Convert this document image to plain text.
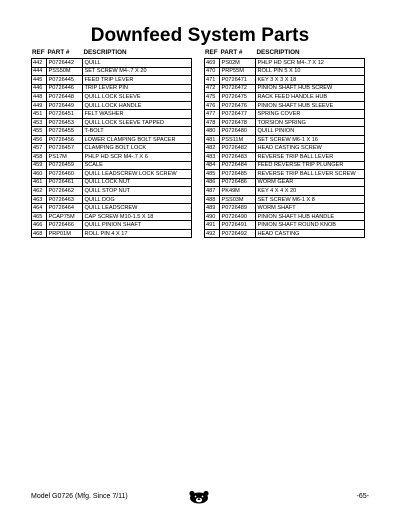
Downfeed System Parts
REF PART #	DESCRIPTION
442	P0726442	QUILL
444	PSS50M	SET SCREW M4-.7 X 20
445	P0726445	FEED TRIP LEVER
446	P0726446	TRIP LEVER PIN
448	P0726448	QUILL LOCK SLEEVE
449	P0726449	QUILL LOCK HANDLE
451	P0726451	FELT WASHER
453	P0726453	QUILL LOCK SLEEVE TAPPED
455	P0726455	T-BOLT
456	P0726456	LOWER CLAMPING BOLT SPACER
457	P0726457	CLAMPING BOLT LOCK
458	PS17M	PHLP HD SCR M4-.7 X 6
459	P0726459	SCALE
460	P0726460	QUILL LEADSCREW LOCK SCREW
461	P0726461	QUILL LOCK NUT
462	P0726462	QUILL STOP NUT
463	P0726463	QUILL DOG
464	P0726464	QUILL LEADSCREW
465	PCAP75M	CAP SCREW M10-1.5 X 18
466	P0726466	QUILL PINION SHAFT
468	PRP01M	ROLL PIN 4 X 17
REF PART #	DESCRIPTION
469	PS02M	PHLP HD SCR M4-.7 X 12
470	PRP55M	ROLL PIN 5 X 10
471	P0726471	KEY 3 X 3 X 18
472	P0726472	PINION SHAFT HUB SCREW
475	P0726475	RACK FEED HANDLE HUB
476	P0726476	PINION SHAFT HUB SLEEVE
477	P0726477	SPRING COVER
478	P0726478	TORSION SPRING
480	P0726480	QUILL PINION
481	PSS11M	SET SCREW M6-1 X 16
482	P0726482	HEAD CASTING SCREW
483	P0726483	REVERSE TRIP BALL LEVER
484	P0726484	FEED REVERSE TRIP PLUNGER
485	P0726485	REVERSE TRIP BALL LEVER SCREW
486	P0726486	WORM GEAR
487	PK49M	KEY 4 X 4 X 20
488	PSS03M	SET SCREW M6-1 X 8
489	P0726489	WORM SHAFT
490	P0726490	PINION SHAFT HUB HANDLE
491	P0726491	PINION SHAFT ROUND KNOB
492	P0726492	HEAD CASTING
Model G0726 (Mfg. Since 7/11)	-65-
